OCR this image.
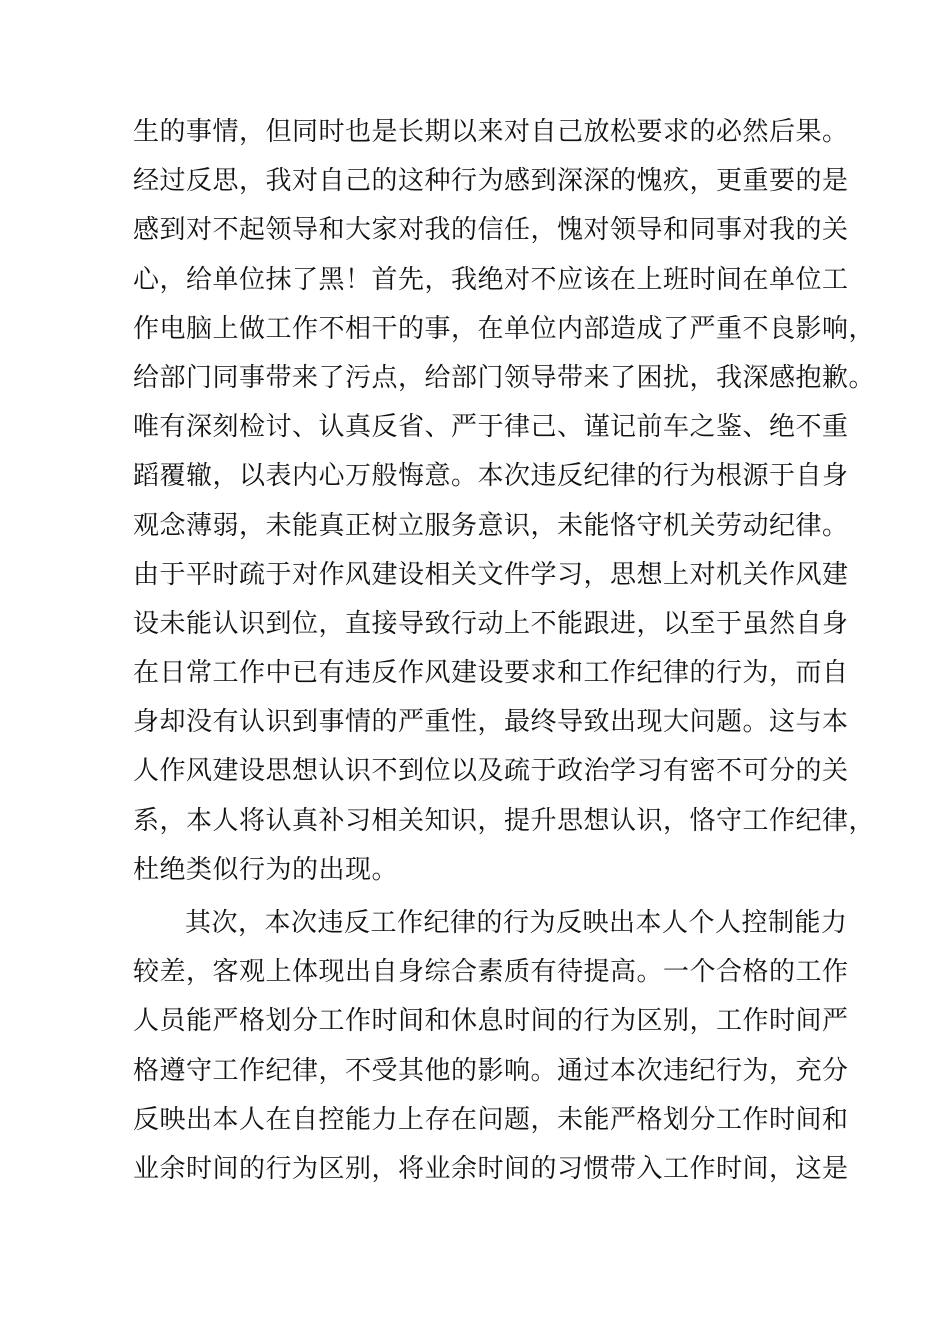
生的事情，但同时也是长期以来对自己放松要求的必然后果。
经过反思，我对自己的这种行为感到深深的愧疚，更重要的是
感到对不起领导和大家对我的信任，愧对领导和同事对我的关
心，给单位抹了黑！首先，我绝对不应该在上班时间在单位工
作电脑上做工作不相干的事，在单位内部造成了严重不良影响，
给部门同事带来了污点，给部门领导带来了困扰，我深感抱歉。
唯有深刻检讨、认真反省、严于律己、谨记前车之鉴、绝不重
蹈覆辙，以表内心万般悔意。本次违反纪律的行为根源于自身
观念薄弱，未能真正树立服务意识，未能恪守机关劳动纪律。
由于平时疏于对作风建设相关文件学习，思想上对机关作风建
设未能认识到位，直接导致行动上不能跟进，以至于虽然自身
在日常工作中已有违反作风建设要求和工作纪律的行为，而自
身却没有认识到事情的严重性，最终导致出现大问题。这与本
人作风建设思想认识不到位以及疏于政治学习有密不可分的关
系，本人将认真补习相关知识，提升思想认识，恪守工作纪律，
杜绝类似行为的出现。
其次，本次违反工作纪律的行为反映出本人个人控制能力
较差，客观上体现出自身综合素质有待提高。一个合格的工作
人员能严格划分工作时间和休息时间的行为区别，工作时间严
格遵守工作纪律，不受其他的影响。通过本次违纪行为，充分
反映出本人在自控能力上存在问题，未能严格划分工作时间和
业余时间的行为区别，将业余时间的习惯带入工作时间，这是
